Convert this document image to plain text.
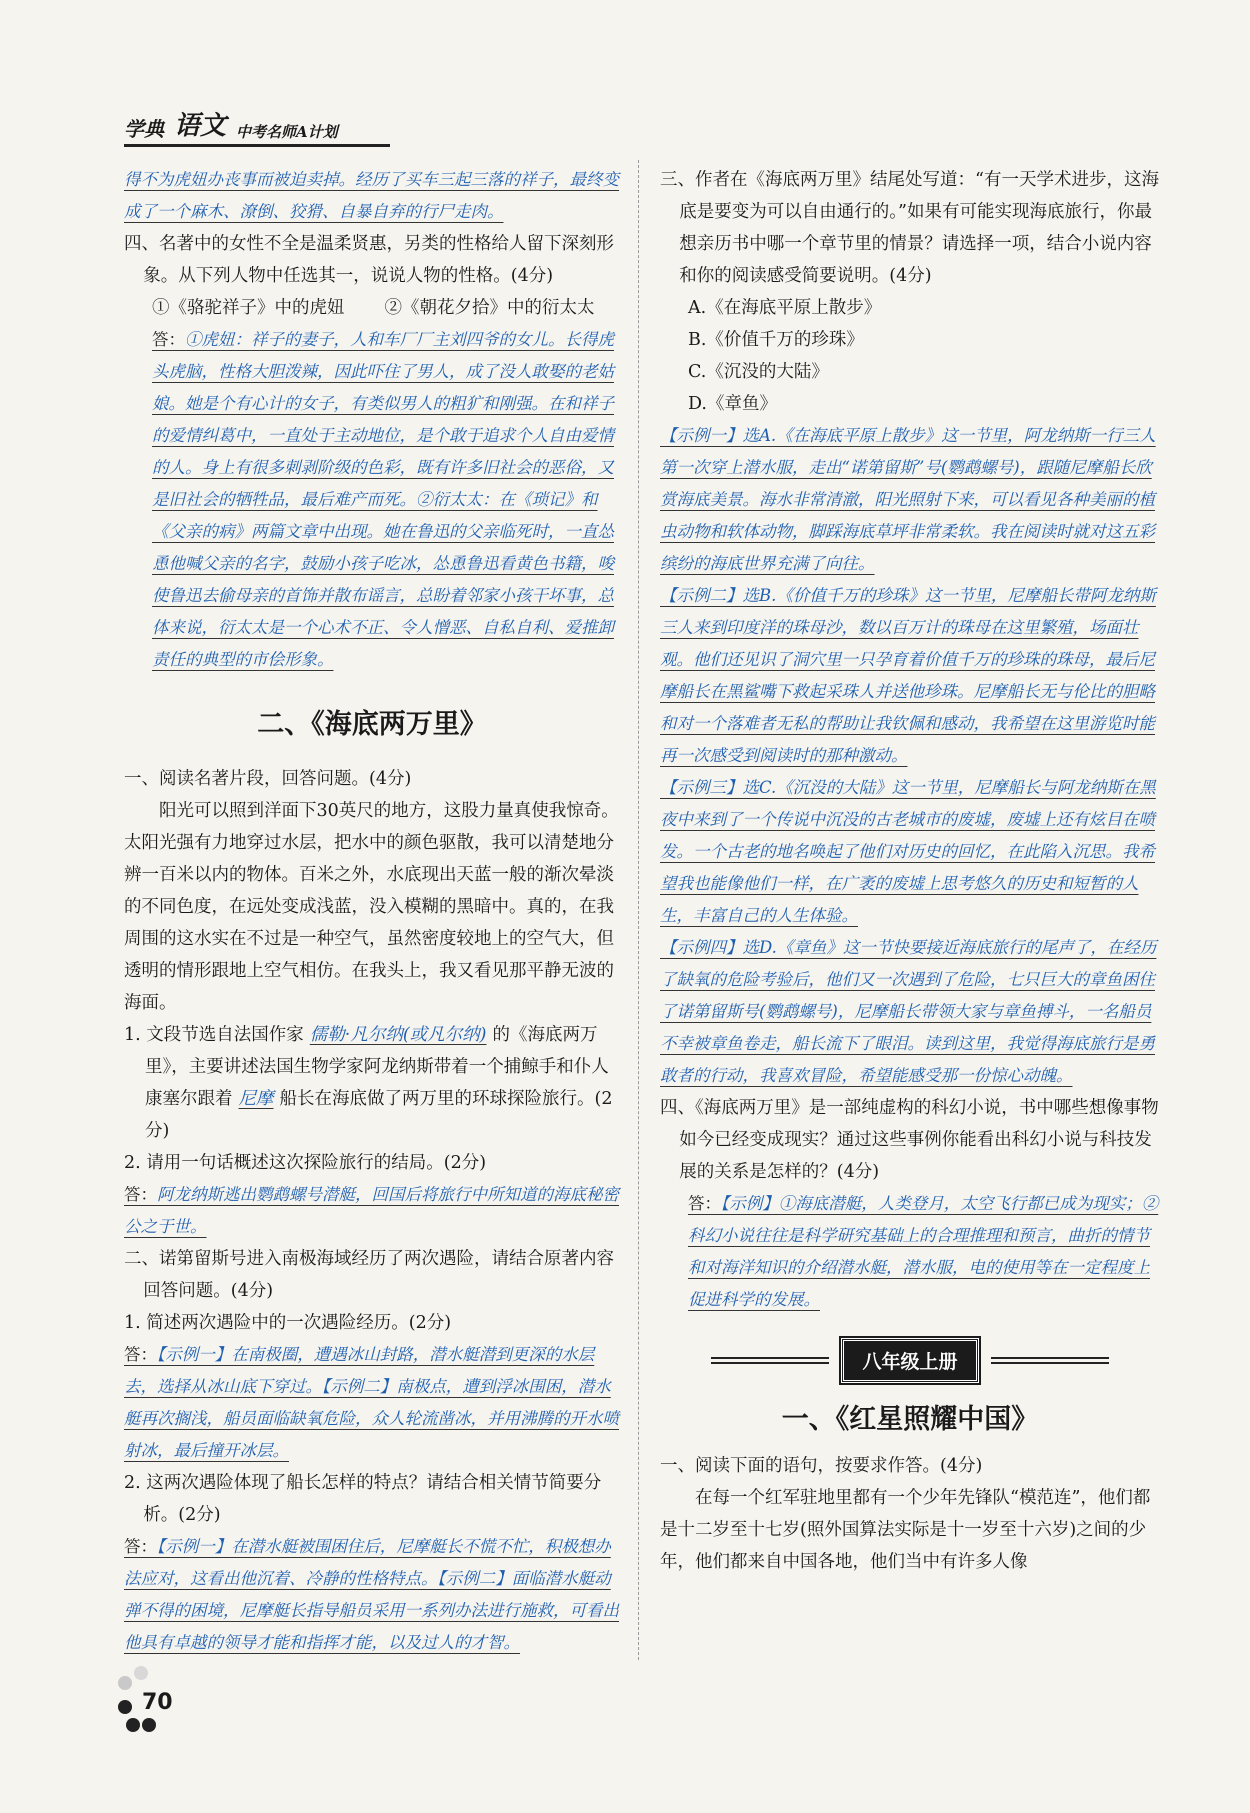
学典 语文 中考名师A计划

得不为虎妞办丧事而被迫卖掉。经历了买车三起三落的祥子，最终变成了一个麻木、潦倒、狡猾、自暴自弃的行尸走肉。

四、名著中的女性不全是温柔贤惠，另类的性格给人留下深刻形象。从下列人物中任选其一，说说人物的性格。(4分)

①《骆驼祥子》中的虎妞 ②《朝花夕拾》中的衍太太

答：①虎妞：祥子的妻子，人和车厂厂主刘四爷的女儿。长得虎头虎脑，性格大胆泼辣，因此吓住了男人，成了没人敢娶的老姑娘。她是个有心计的女子，有类似男人的粗犷和刚强。在和祥子的爱情纠葛中，一直处于主动地位，是个敢于追求个人自由爱情的人。身上有很多刺剥阶级的色彩，既有许多旧社会的恶俗，又是旧社会的牺牲品，最后难产而死。②衍太太：在《琐记》和《父亲的病》两篇文章中出现。她在鲁迅的父亲临死时，一直怂恿他喊父亲的名字，鼓励小孩子吃冰，怂恿鲁迅看黄色书籍，唆使鲁迅去偷母亲的首饰并散布谣言，总盼着邻家小孩干坏事，总体来说，衍太太是一个心术不正、令人憎恶、自私自利、爱推卸责任的典型的市侩形象。

二、《海底两万里》

一、阅读名著片段，回答问题。(4分)

阳光可以照到洋面下30英尺的地方，这股力量真使我惊奇。太阳光强有力地穿过水层，把水中的颜色驱散，我可以清楚地分辨一百米以内的物体。百米之外，水底现出天蓝一般的渐次晕淡的不同色度，在远处变成浅蓝，没入模糊的黑暗中。真的，在我周围的这水实在不过是一种空气，虽然密度较地上的空气大，但透明的情形跟地上空气相仿。在我头上，我又看见那平静无波的海面。

1. 文段节选自法国作家 儒勒·凡尔纳(或凡尔纳) 的《海底两万里》，主要讲述法国生物学家阿龙纳斯带着一个捕鲸手和仆人康塞尔跟着 尼摩 船长在海底做了两万里的环球探险旅行。(2分)

2. 请用一句话概述这次探险旅行的结局。(2分)

答：阿龙纳斯逃出鹦鹉螺号潜艇，回国后将旅行中所知道的海底秘密公之于世。

二、诺第留斯号进入南极海域经历了两次遇险，请结合原著内容回答问题。(4分)

1. 简述两次遇险中的一次遇险经历。(2分)

答：【示例一】在南极圈，遭遇冰山封路，潜水艇潜到更深的水层去，选择从冰山底下穿过。【示例二】南极点，遭到浮冰围困，潜水艇再次搁浅，船员面临缺氧危险，众人轮流凿冰，并用沸腾的开水喷射冰，最后撞开冰层。

2. 这两次遇险体现了船长怎样的特点？请结合相关情节简要分析。(2分)

答：【示例一】在潜水艇被围困住后，尼摩艇长不慌不忙，积极想办法应对，这看出他沉着、冷静的性格特点。【示例二】面临潜水艇动弹不得的困境，尼摩艇长指导船员采用一系列办法进行施救，可看出他具有卓越的领导才能和指挥才能，以及过人的才智。

三、作者在《海底两万里》结尾处写道：“有一天学术进步，这海底是要变为可以自由通行的。”如果有可能实现海底旅行，你最想亲历书中哪一个章节里的情景？请选择一项，结合小说内容和你的阅读感受简要说明。(4分)

A.《在海底平原上散步》

B.《价值千万的珍珠》

C.《沉没的大陆》

D.《章鱼》

【示例一】选A.《在海底平原上散步》这一节里，阿龙纳斯一行三人第一次穿上潜水服，走出“诺第留斯”号(鹦鹉螺号)，跟随尼摩船长欣赏海底美景。海水非常清澈，阳光照射下来，可以看见各种美丽的植虫动物和软体动物，脚踩海底草坪非常柔软。我在阅读时就对这五彩缤纷的海底世界充满了向往。

【示例二】选B.《价值千万的珍珠》这一节里，尼摩船长带阿龙纳斯三人来到印度洋的珠母沙，数以百万计的珠母在这里繁殖，场面壮观。他们还见识了洞穴里一只孕育着价值千万的珍珠的珠母，最后尼摩船长在黑鲨嘴下救起采珠人并送他珍珠。尼摩船长无与伦比的胆略和对一个落难者无私的帮助让我钦佩和感动，我希望在这里游览时能再一次感受到阅读时的那种激动。

【示例三】选C.《沉没的大陆》这一节里，尼摩船长与阿龙纳斯在黑夜中来到了一个传说中沉没的古老城市的废墟，废墟上还有炫目在喷发。一个古老的地名唤起了他们对历史的回忆，在此陷入沉思。我希望我也能像他们一样，在广袤的废墟上思考悠久的历史和短暂的人生，丰富自己的人生体验。

【示例四】选D.《章鱼》这一节快要接近海底旅行的尾声了，在经历了缺氧的危险考验后，他们又一次遇到了危险，七只巨大的章鱼困住了诺第留斯号(鹦鹉螺号)，尼摩船长带领大家与章鱼搏斗，一名船员不幸被章鱼卷走，船长流下了眼泪。读到这里，我觉得海底旅行是勇敢者的行动，我喜欢冒险，希望能感受那一份惊心动魄。

四、《海底两万里》是一部纯虚构的科幻小说，书中哪些想像事物如今已经变成现实？通过这些事例你能看出科幻小说与科技发展的关系是怎样的？(4分)

答：【示例】①海底潜艇，人类登月，太空飞行都已成为现实；②科幻小说往往是科学研究基础上的合理推理和预言，曲折的情节和对海洋知识的介绍潜水艇，潜水服，电的使用等在一定程度上促进科学的发展。

八年级上册
一、《红星照耀中国》

一、阅读下面的语句，按要求作答。(4分)

在每一个红军驻地里都有一个少年先锋队“模范连”，他们都是十二岁至十七岁(照外国算法实际是十一岁至十六岁)之间的少年，他们都来自中国各地，他们当中有许多人像

70
